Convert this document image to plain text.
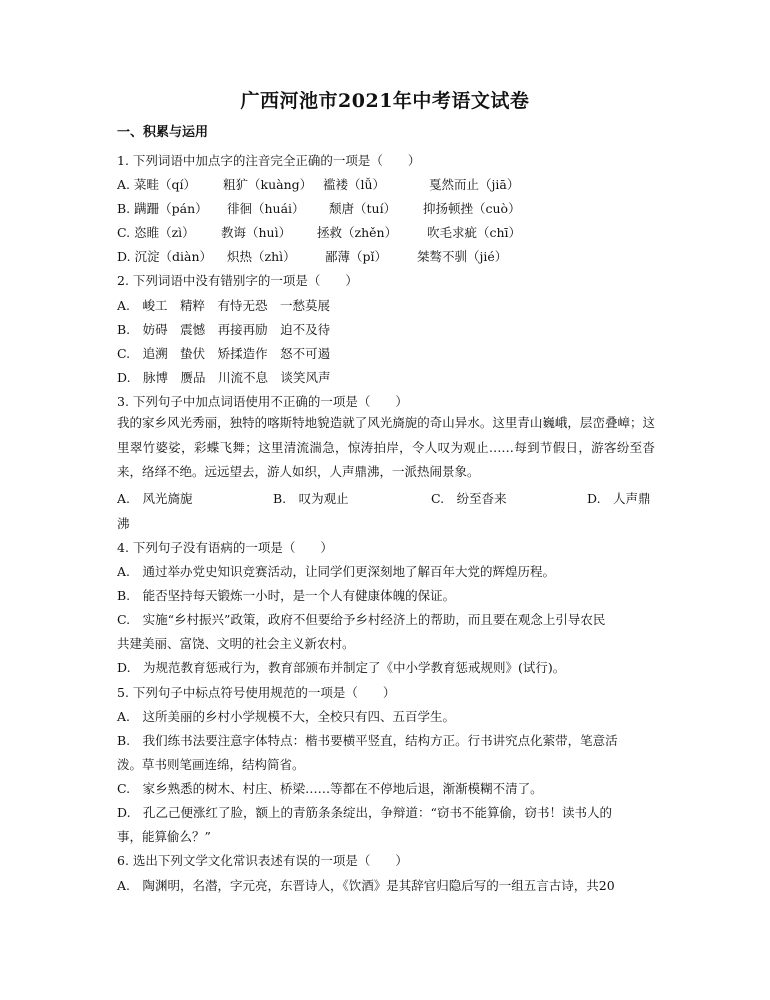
广西河池市2021年中考语文试卷
一、积累与运用
1. 下列词语中加点字的注音完全正确的一项是（　　）
A. 菜畦（qí） 粗犷（kuàng） 褴褛（lǚ）	戛然而止（jiā）
B. 蹒跚（pán） 徘徊（huái） 颓唐（tuí） 抑扬顿挫（cuò）
C. 恣睢（zì） 教诲（huì） 拯救（zhěn） 吹毛求疵（chī）
D. 沉淀（diàn） 炽热（zhì） 鄙薄（pǐ） 桀骜不驯（jié）
2. 下列词语中没有错别字的一项是（　　）
A.　峻工　精粹　有恃无恐　一愁莫展
B.　妨碍　震憾　再接再励　迫不及待
C.　追溯　蛰伏　矫揉造作　怒不可遏
D.　脉博　赝品　川流不息　谈笑风声
3. 下列句子中加点词语使用不正确的一项是（　　）
我的家乡风光秀丽，独特的喀斯特地貌造就了风光旖旎的奇山异水。这里青山巍峨，层峦叠嶂；这里翠竹婆娑，彩蝶飞舞；这里清流湍急，惊涛拍岸，令人叹为观止……每到节假日，游客纷至沓来，络绎不绝。远远望去，游人如织，人声鼎沸，一派热闹景象。
A.　风光旖旎	B.　叹为观止	C.　纷至沓来	D.　人声鼎
沸
4. 下列句子没有语病的一项是（　　）
A.　通过举办党史知识竞赛活动，让同学们更深刻地了解百年大党的辉煌历程。
B.　能否坚持每天锻炼一小时，是一个人有健康体魄的保证。
C.　实施“乡村振兴”政策，政府不但要给予乡村经济上的帮助，而且要在观念上引导农民
共建美丽、富饶、文明的社会主义新农村。
D.　为规范教育惩戒行为，教育部颁布并制定了《中小学教育惩戒规则》(试行)。
5. 下列句子中标点符号使用规范的一项是（　　）
A.　这所美丽的乡村小学规模不大，全校只有四、五百学生。
B.　我们练书法要注意字体特点：楷书要横平竖直，结构方正。行书讲究点化萦带，笔意活
泼。草书则笔画连绵，结构简省。
C.　家乡熟悉的树木、村庄、桥梁……等都在不停地后退，渐渐模糊不清了。
D.　孔乙己便涨红了脸，额上的青筋条条绽出，争辩道：“窃书不能算偷，窃书！读书人的
事，能算偷么？”
6. 选出下列文学文化常识表述有误的一项是（　　）
A.　陶渊明，名潜，字元亮，东晋诗人，《饮酒》是其辞官归隐后写的一组五言古诗，共20
